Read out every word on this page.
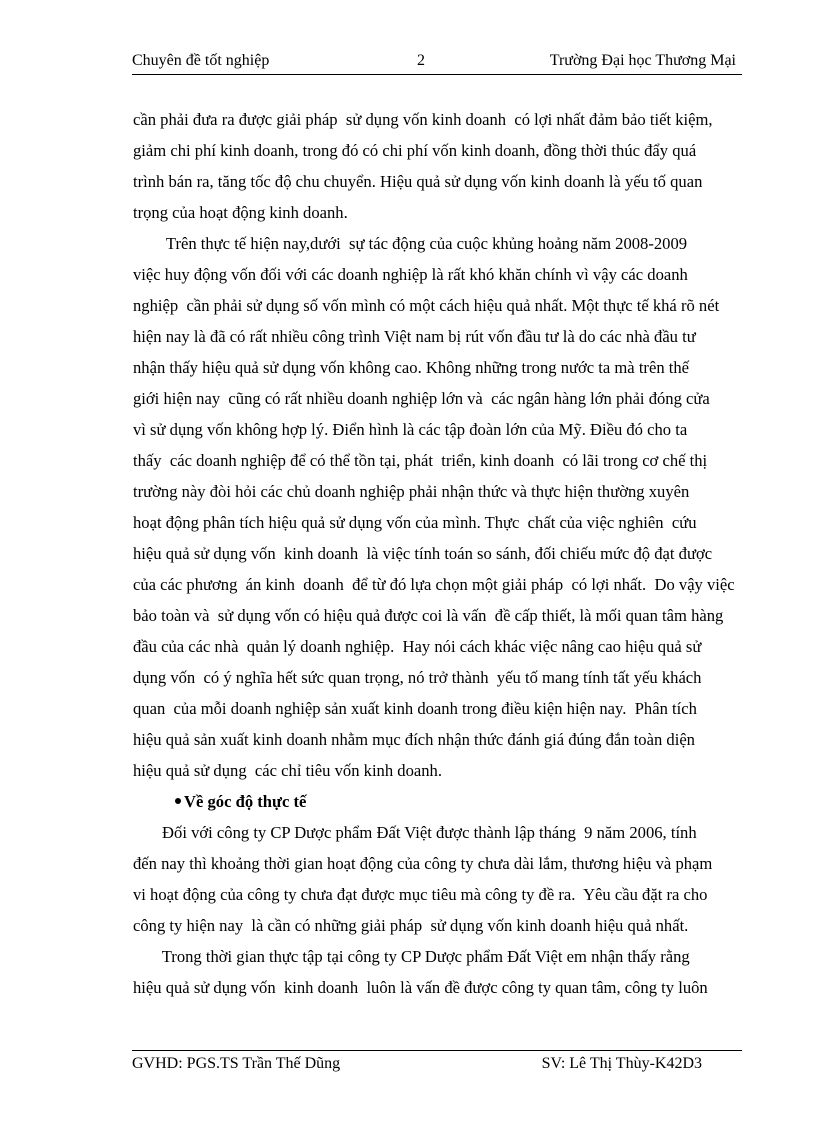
Chuyên đề tốt nghiệp	2	Trường Đại học Thương Mại
cần phải đưa ra được giải pháp  sử dụng vốn kinh doanh  có lợi nhất đảm bảo tiết kiệm,
giảm chi phí kinh doanh, trong đó có chi phí vốn kinh doanh, đồng thời thúc đẩy quá
trình bán ra, tăng tốc độ chu chuyển. Hiệu quả sử dụng vốn kinh doanh là yếu tố quan
trọng của hoạt động kinh doanh.
Trên thực tế hiện nay,dưới  sự tác động của cuộc khủng hoảng năm 2008-2009
việc huy động vốn đối với các doanh nghiệp là rất khó khăn chính vì vậy các doanh
nghiệp  cần phải sử dụng số vốn mình có một cách hiệu quả nhất. Một thực tế khá rõ nét
hiện nay là đã có rất nhiều công trình Việt nam bị rút vốn đầu tư là do các nhà đầu tư
nhận thấy hiệu quả sử dụng vốn không cao. Không những trong nước ta mà trên thế
giới hiện nay  cũng có rất nhiều doanh nghiệp lớn và  các ngân hàng lớn phải đóng cửa
vì sử dụng vốn không hợp lý. Điển hình là các tập đoàn lớn của Mỹ. Điều đó cho ta
thấy  các doanh nghiệp để có thể tồn tại, phát  triển, kinh doanh  có lãi trong cơ chế thị
trường này đòi hỏi các chủ doanh nghiệp phải nhận thức và thực hiện thường xuyên
hoạt động phân tích hiệu quả sử dụng vốn của mình. Thực  chất của việc nghiên  cứu
hiệu quả sử dụng vốn  kinh doanh  là việc tính toán so sánh, đối chiếu mức độ đạt được
của các phương  án kinh  doanh  để từ đó lựa chọn một giải pháp  có lợi nhất.  Do vậy việc
bảo toàn và  sử dụng vốn có hiệu quả được coi là vấn  đề cấp thiết, là mối quan tâm hàng
đầu của các nhà  quản lý doanh nghiệp.  Hay nói cách khác việc nâng cao hiệu quả sử
dụng vốn  có ý nghĩa hết sức quan trọng, nó trở thành  yếu tố mang tính tất yếu khách
quan  của mỗi doanh nghiệp sản xuất kinh doanh trong điều kiện hiện nay.  Phân tích
hiệu quả sản xuất kinh doanh nhằm mục đích nhận thức đánh giá đúng đắn toàn diện
hiệu quả sử dụng  các chỉ tiêu vốn kinh doanh.
Về góc độ thực tế
Đối với công ty CP Dược phẩm Đất Việt được thành lập tháng  9 năm 2006, tính
đến nay thì khoảng thời gian hoạt động của công ty chưa dài lắm, thương hiệu và phạm
vi hoạt động của công ty chưa đạt được mục tiêu mà công ty đề ra.  Yêu cầu đặt ra cho
công ty hiện nay  là cần có những giải pháp  sử dụng vốn kinh doanh hiệu quả nhất.
Trong thời gian thực tập tại công ty CP Dược phẩm Đất Việt em nhận thấy rằng
hiệu quả sử dụng vốn  kinh doanh  luôn là vấn đề được công ty quan tâm, công ty luôn
GVHD: PGS.TS Trần Thế Dũng	SV: Lê Thị Thùy-K42D3
